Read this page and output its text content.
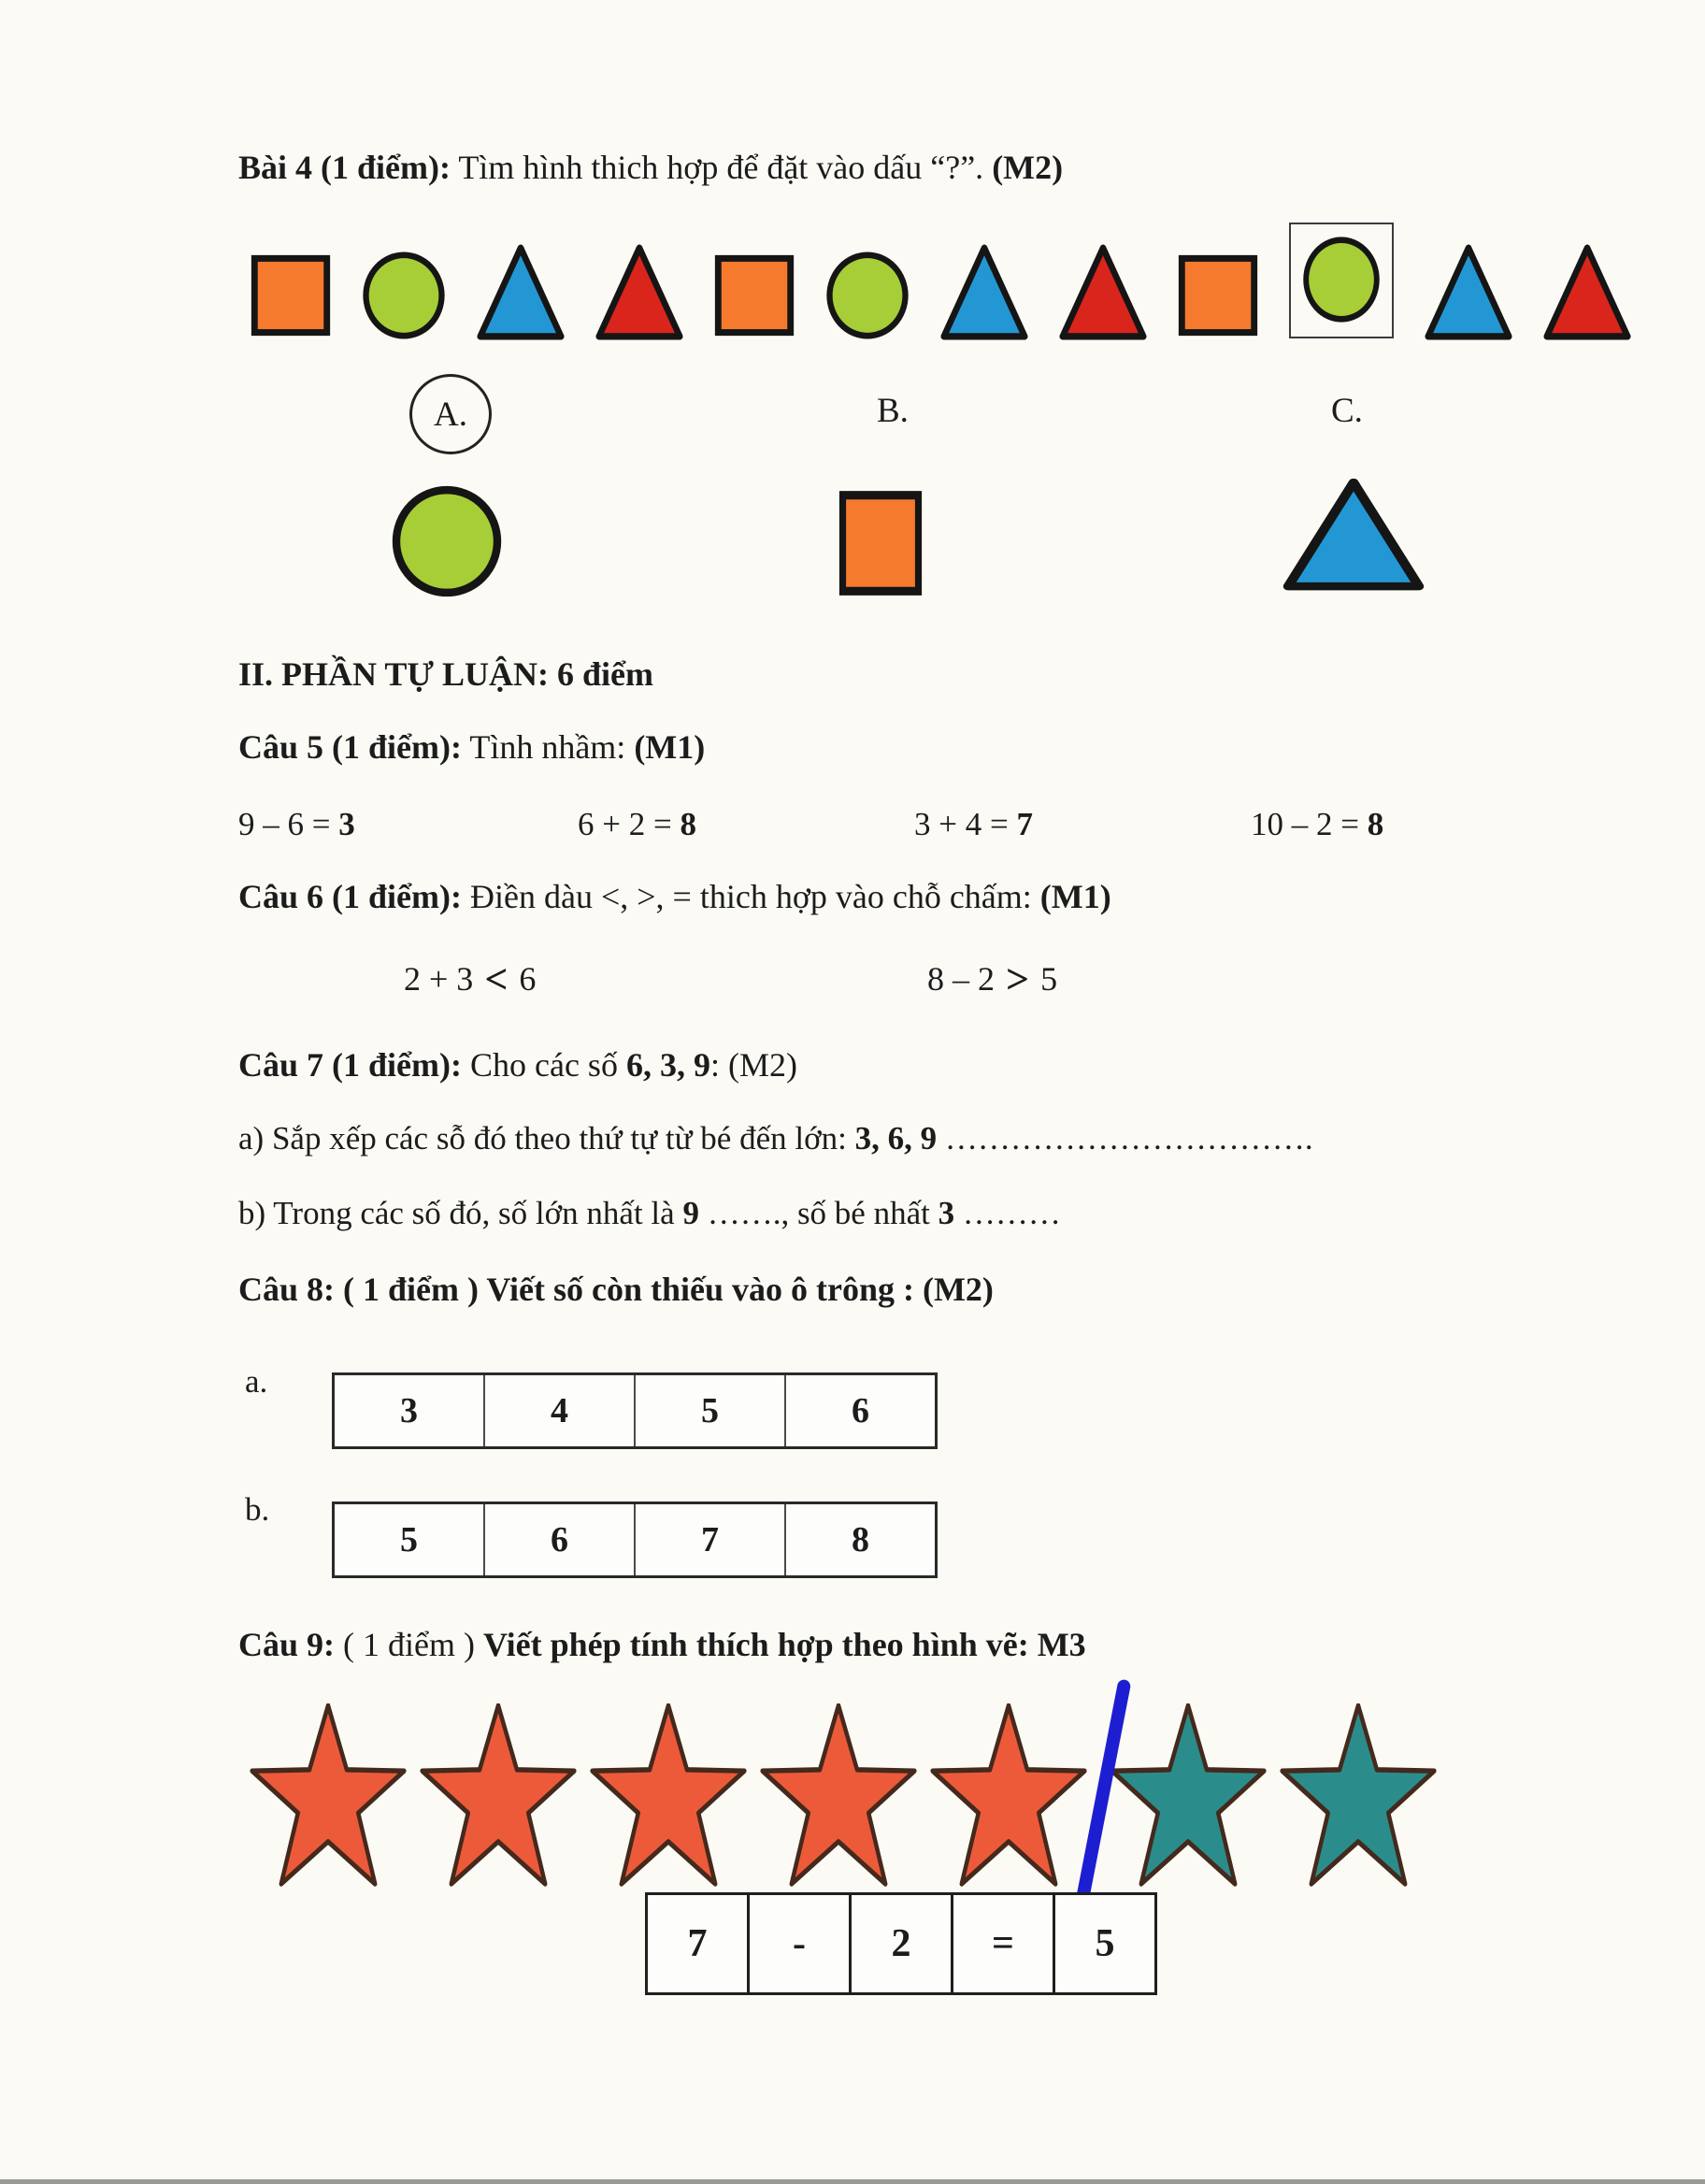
Bài 4 (1 điểm): Tìm hình thich hợp để đặt vào dấu “?”. (M2)
A.	B.	C.
II. PHẦN TỰ LUẬN: 6 điểm
Câu 5 (1 điểm): Tình nhầm: (M1)
9 – 6 = 3	6 + 2 = 8	3 + 4 = 7	10 – 2 = 8
Câu 6 (1 điểm): Điền dàu <, >, = thich hợp vào chỗ chấm: (M1)
2 + 3 < 6	8 – 2 > 5
Câu 7 (1 điểm): Cho các số 6, 3, 9: (M2)
a) Sắp xếp các sỗ đó theo thứ tự từ bé đến lớn: 3, 6, 9 …………………………….
b) Trong các số đó, số lớn nhất là 9 ……., số bé nhất 3 ………
Câu 8: ( 1 điểm ) Viết số còn thiếu vào ô trông : (M2)
a.
3	4	5	6
b.
5	6	7	8
Câu 9: ( 1 điểm ) Viết phép tính thích hợp theo hình vẽ: M3
7	-	2	=	5
